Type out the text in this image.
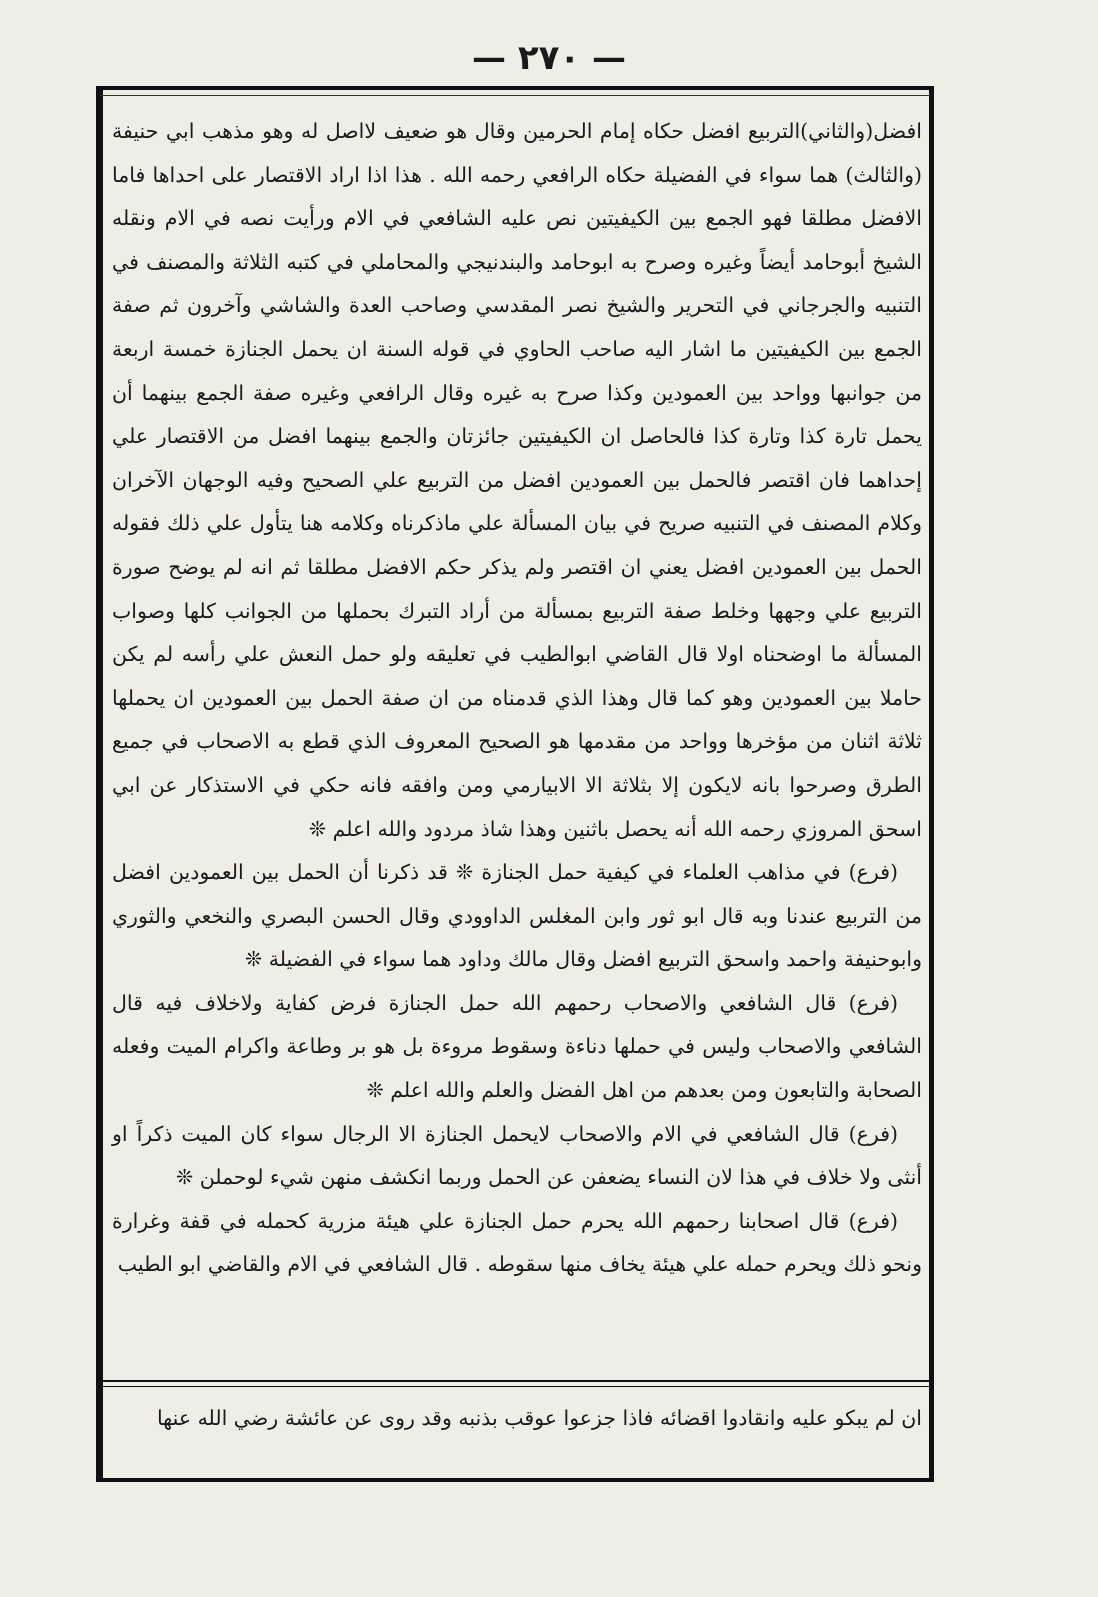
— ٢٧٠ —

افضل(والثاني)التربيع افضل حكاه إمام الحرمين وقال هو ضعيف لااصل له وهو مذهب ابي حنيفة (والثالث) هما سواء في الفضيلة حكاه الرافعي رحمه الله . هذا اذا اراد الاقتصار على احداها فاما الافضل مطلقا فهو الجمع بين الكيفيتين نص عليه الشافعي في الام ورأيت نصه في الام ونقله الشيخ أبوحامد أيضاً وغيره وصرح به ابوحامد والبندنيجي والمحاملي في كتبه الثلاثة والمصنف في التنبيه والجرجاني في التحرير والشيخ نصر المقدسي وصاحب العدة والشاشي وآخرون ثم صفة الجمع بين الكيفيتين ما اشار اليه صاحب الحاوي في قوله السنة ان يحمل الجنازة خمسة اربعة من جوانبها وواحد بين العمودين وكذا صرح به غيره وقال الرافعي وغيره صفة الجمع بينهما أن يحمل تارة كذا وتارة كذا فالحاصل ان الكيفيتين جائزتان والجمع بينهما افضل من الاقتصار علي إحداهما فان اقتصر فالحمل بين العمودين افضل من التربيع علي الصحيح وفيه الوجهان الآخران وكلام المصنف في التنبيه صريح في بيان المسألة علي ماذكرناه وكلامه هنا يتأول علي ذلك فقوله الحمل بين العمودين افضل يعني ان اقتصر ولم يذكر حكم الافضل مطلقا ثم انه لم يوضح صورة التربيع علي وجهها وخلط صفة التربيع بمسألة من أراد التبرك بحملها من الجوانب كلها وصواب المسألة ما اوضحناه اولا قال القاضي ابوالطيب في تعليقه ولو حمل النعش علي رأسه لم يكن حاملا بين العمودين وهو كما قال وهذا الذي قدمناه من ان صفة الحمل بين العمودين ان يحملها ثلاثة اثنان من مؤخرها وواحد من مقدمها هو الصحيح المعروف الذي قطع به الاصحاب في جميع الطرق وصرحوا بانه لايكون إلا بثلاثة الا الابيارمي ومن وافقه فانه حكي في الاستذكار عن ابي اسحق المروزي رحمه الله أنه يحصل باثنين وهذا شاذ مردود والله اعلم ❊

(فرع) في مذاهب العلماء في كيفية حمل الجنازة ❊ قد ذكرنا أن الحمل بين العمودين افضل من التربيع عندنا وبه قال ابو ثور وابن المغلس الداوودي وقال الحسن البصري والنخعي والثوري وابوحنيفة واحمد واسحق التربيع افضل وقال مالك وداود هما سواء في الفضيلة ❊

(فرع) قال الشافعي والاصحاب رحمهم الله حمل الجنازة فرض كفاية ولاخلاف فيه قال الشافعي والاصحاب وليس في حملها دناءة وسقوط مروءة بل هو بر وطاعة واكرام الميت وفعله الصحابة والتابعون ومن بعدهم من اهل الفضل والعلم والله اعلم ❊

(فرع) قال الشافعي في الام والاصحاب لايحمل الجنازة الا الرجال سواء كان الميت ذكراً او أنثى ولا خلاف في هذا لان النساء يضعفن عن الحمل وربما انكشف منهن شيء لوحملن ❊

(فرع) قال اصحابنا رحمهم الله يحرم حمل الجنازة علي هيئة مزرية كحمله في قفة وغرارة ونحو ذلك ويحرم حمله علي هيئة يخاف منها سقوطه . قال الشافعي في الام والقاضي ابو الطيب

ان لم يبكو عليه وانقادوا اقضائه فاذا جزعوا عوقب بذنبه وقد روى عن عائشة رضي الله عنها
